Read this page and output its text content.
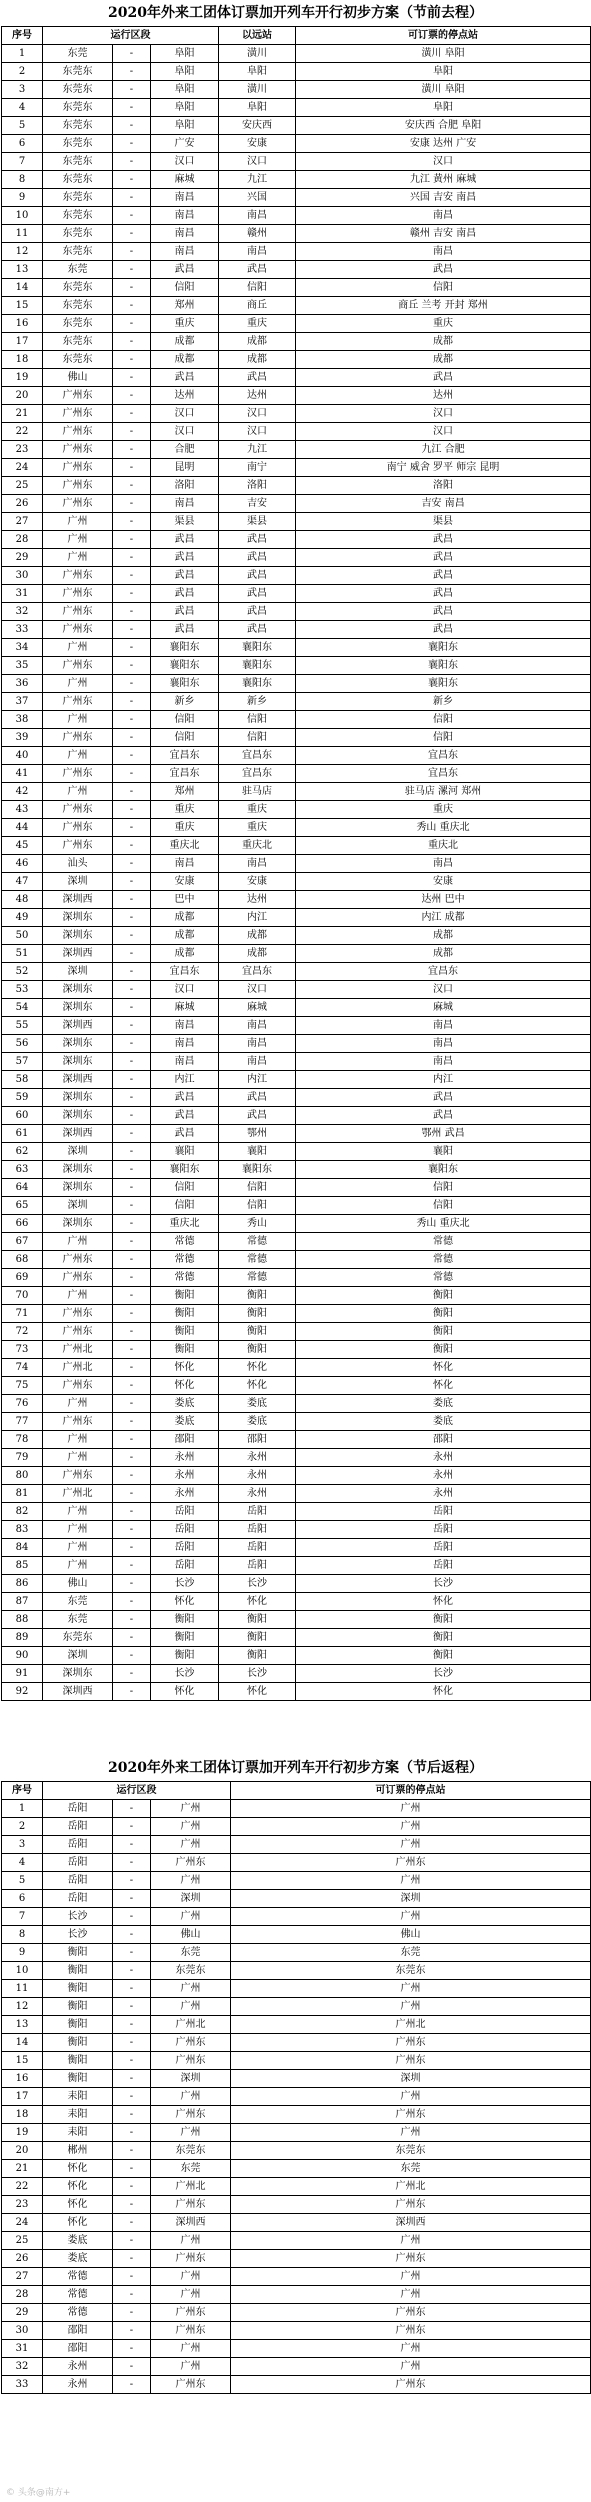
2020年外来工团体订票加开列车开行初步方案（节前去程）
序号	运行区段			以远站	可订票的停点站
1	东莞	-	阜阳	潢川	潢川 阜阳
2	东莞东	-	阜阳	阜阳	阜阳
3	东莞东	-	阜阳	潢川	潢川 阜阳
4	东莞东	-	阜阳	阜阳	阜阳
5	东莞东	-	阜阳	安庆西	安庆西 合肥 阜阳
6	东莞东	-	广安	安康	安康 达州 广安
7	东莞东	-	汉口	汉口	汉口
8	东莞东	-	麻城	九江	九江 黄州 麻城
9	东莞东	-	南昌	兴国	兴国 吉安 南昌
10	东莞东	-	南昌	南昌	南昌
11	东莞东	-	南昌	赣州	赣州 吉安 南昌
12	东莞东	-	南昌	南昌	南昌
13	东莞	-	武昌	武昌	武昌
14	东莞东	-	信阳	信阳	信阳
15	东莞东	-	郑州	商丘	商丘 兰考 开封 郑州
16	东莞东	-	重庆	重庆	重庆
17	东莞东	-	成都	成都	成都
18	东莞东	-	成都	成都	成都
19	佛山	-	武昌	武昌	武昌
20	广州东	-	达州	达州	达州
21	广州东	-	汉口	汉口	汉口
22	广州东	-	汉口	汉口	汉口
23	广州东	-	合肥	九江	九江 合肥
24	广州东	-	昆明	南宁	南宁 威舍 罗平 师宗 昆明
25	广州东	-	洛阳	洛阳	洛阳
26	广州东	-	南昌	吉安	吉安 南昌
27	广州	-	渠县	渠县	渠县
28	广州	-	武昌	武昌	武昌
29	广州	-	武昌	武昌	武昌
30	广州东	-	武昌	武昌	武昌
31	广州东	-	武昌	武昌	武昌
32	广州东	-	武昌	武昌	武昌
33	广州东	-	武昌	武昌	武昌
34	广州	-	襄阳东	襄阳东	襄阳东
35	广州东	-	襄阳东	襄阳东	襄阳东
36	广州	-	襄阳东	襄阳东	襄阳东
37	广州东	-	新乡	新乡	新乡
38	广州	-	信阳	信阳	信阳
39	广州东	-	信阳	信阳	信阳
40	广州	-	宜昌东	宜昌东	宜昌东
41	广州东	-	宜昌东	宜昌东	宜昌东
42	广州	-	郑州	驻马店	驻马店 漯河 郑州
43	广州东	-	重庆	重庆	重庆
44	广州东	-	重庆	重庆	秀山 重庆北
45	广州东	-	重庆北	重庆北	重庆北
46	汕头	-	南昌	南昌	南昌
47	深圳	-	安康	安康	安康
48	深圳西	-	巴中	达州	达州 巴中
49	深圳东	-	成都	内江	内江 成都
50	深圳东	-	成都	成都	成都
51	深圳西	-	成都	成都	成都
52	深圳	-	宜昌东	宜昌东	宜昌东
53	深圳东	-	汉口	汉口	汉口
54	深圳东	-	麻城	麻城	麻城
55	深圳西	-	南昌	南昌	南昌
56	深圳东	-	南昌	南昌	南昌
57	深圳东	-	南昌	南昌	南昌
58	深圳西	-	内江	内江	内江
59	深圳东	-	武昌	武昌	武昌
60	深圳东	-	武昌	武昌	武昌
61	深圳西	-	武昌	鄂州	鄂州 武昌
62	深圳	-	襄阳	襄阳	襄阳
63	深圳东	-	襄阳东	襄阳东	襄阳东
64	深圳东	-	信阳	信阳	信阳
65	深圳	-	信阳	信阳	信阳
66	深圳东	-	重庆北	秀山	秀山 重庆北
67	广州	-	常德	常德	常德
68	广州东	-	常德	常德	常德
69	广州东	-	常德	常德	常德
70	广州	-	衡阳	衡阳	衡阳
71	广州东	-	衡阳	衡阳	衡阳
72	广州东	-	衡阳	衡阳	衡阳
73	广州北	-	衡阳	衡阳	衡阳
74	广州北	-	怀化	怀化	怀化
75	广州东	-	怀化	怀化	怀化
76	广州	-	娄底	娄底	娄底
77	广州东	-	娄底	娄底	娄底
78	广州	-	邵阳	邵阳	邵阳
79	广州	-	永州	永州	永州
80	广州东	-	永州	永州	永州
81	广州北	-	永州	永州	永州
82	广州	-	岳阳	岳阳	岳阳
83	广州	-	岳阳	岳阳	岳阳
84	广州	-	岳阳	岳阳	岳阳
85	广州	-	岳阳	岳阳	岳阳
86	佛山	-	长沙	长沙	长沙
87	东莞	-	怀化	怀化	怀化
88	东莞	-	衡阳	衡阳	衡阳
89	东莞东	-	衡阳	衡阳	衡阳
90	深圳	-	衡阳	衡阳	衡阳
91	深圳东	-	长沙	长沙	长沙
92	深圳西	-	怀化	怀化	怀化
2020年外来工团体订票加开列车开行初步方案（节后返程）
序号	运行区段			可订票的停点站
1	岳阳	-	广州	广州
2	岳阳	-	广州	广州
3	岳阳	-	广州	广州
4	岳阳	-	广州东	广州东
5	岳阳	-	广州	广州
6	岳阳	-	深圳	深圳
7	长沙	-	广州	广州
8	长沙	-	佛山	佛山
9	衡阳	-	东莞	东莞
10	衡阳	-	东莞东	东莞东
11	衡阳	-	广州	广州
12	衡阳	-	广州	广州
13	衡阳	-	广州北	广州北
14	衡阳	-	广州东	广州东
15	衡阳	-	广州东	广州东
16	衡阳	-	深圳	深圳
17	耒阳	-	广州	广州
18	耒阳	-	广州东	广州东
19	耒阳	-	广州	广州
20	郴州	-	东莞东	东莞东
21	怀化	-	东莞	东莞
22	怀化	-	广州北	广州北
23	怀化	-	广州东	广州东
24	怀化	-	深圳西	深圳西
25	娄底	-	广州	广州
26	娄底	-	广州东	广州东
27	常德	-	广州	广州
28	常德	-	广州	广州
29	常德	-	广州东	广州东
30	邵阳	-	广州东	广州东
31	邵阳	-	广州	广州
32	永州	-	广州	广州
33	永州	-	广州东	广州东
© 头条@南方+
